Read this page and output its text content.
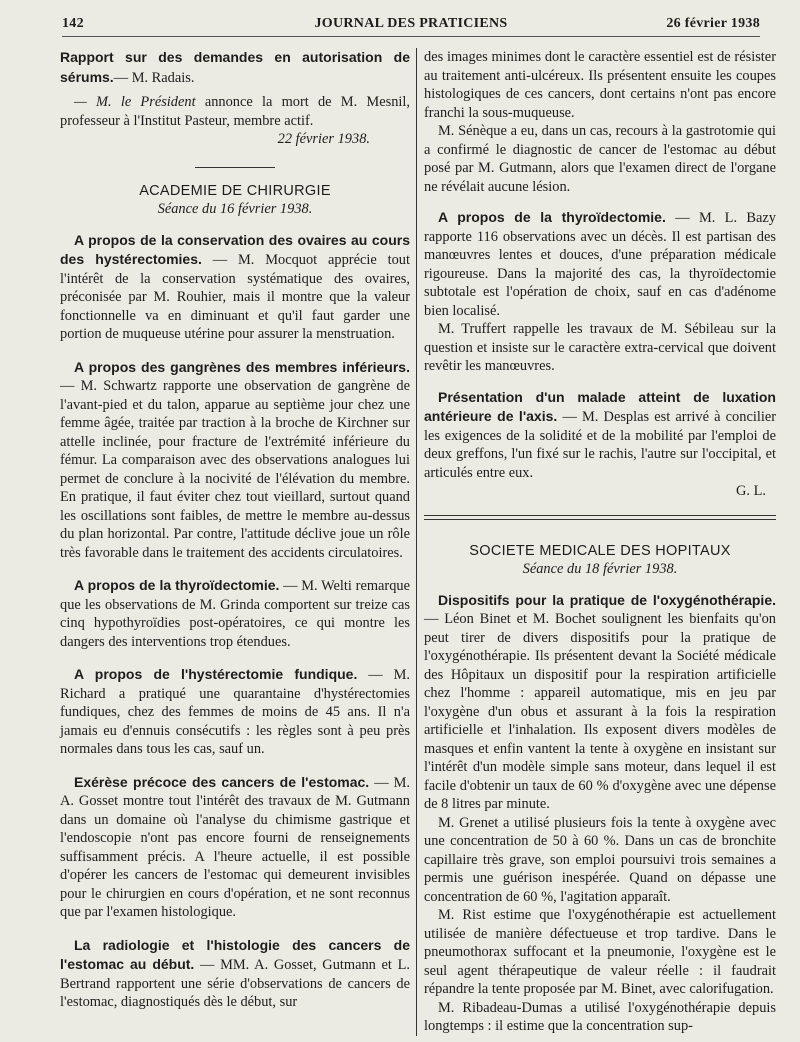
142	JOURNAL DES PRATICIENS	26 février 1938

Rapport sur des demandes en autorisation de sérums.— M. Radais.

— M. le Président annonce la mort de M. Mesnil, professeur à l'Institut Pasteur, membre actif.

22 février 1938.

ACADEMIE DE CHIRURGIE

Séance du 16 février 1938.

A propos de la conservation des ovaires au cours des hystérectomies. — M. Mocquot apprécie tout l'intérêt de la conservation systématique des ovaires, préconisée par M. Rouhier, mais il montre que la valeur fonctionnelle va en diminuant et qu'il faut garder une portion de muqueuse utérine pour assurer la menstruation.

A propos des gangrènes des membres inférieurs. — M. Schwartz rapporte une observation de gangrène de l'avant-pied et du talon, apparue au septième jour chez une femme âgée, traitée par traction à la broche de Kirchner sur attelle inclinée, pour fracture de l'extrémité inférieure du fémur. La comparaison avec des observations analogues lui permet de conclure à la nocivité de l'élévation du membre. En pratique, il faut éviter chez tout vieillard, surtout quand les oscillations sont faibles, de mettre le membre au-dessus du plan horizontal. Par contre, l'attitude déclive joue un rôle très favorable dans le traitement des accidents circulatoires.

A propos de la thyroïdectomie. — M. Welti remarque que les observations de M. Grinda comportent sur treize cas cinq hypothyroïdies post-opératoires, ce qui montre les dangers des interventions trop étendues.

A propos de l'hystérectomie fundique. — M. Richard a pratiqué une quarantaine d'hystérectomies fundiques, chez des femmes de moins de 45 ans. Il n'a jamais eu d'ennuis consécutifs : les règles sont à peu près normales dans tous les cas, sauf un.

Exérèse précoce des cancers de l'estomac. — M. A. Gosset montre tout l'intérêt des travaux de M. Gutmann dans un domaine où l'analyse du chimisme gastrique et l'endoscopie n'ont pas encore fourni de renseignements suffisamment précis. A l'heure actuelle, il est possible d'opérer les cancers de l'estomac qui demeurent invisibles pour le chirurgien en cours d'opération, et ne sont reconnus que par l'examen histologique.

La radiologie et l'histologie des cancers de l'estomac au début. — MM. A. Gosset, Gutmann et L. Bertrand rapportent une série d'observations de cancers de l'estomac, diagnostiqués dès le début, sur

des images minimes dont le caractère essentiel est de résister au traitement anti-ulcéreux. Ils présentent ensuite les coupes histologiques de ces cancers, dont certains n'ont pas encore franchi la sous-muqueuse.

M. Sénèque a eu, dans un cas, recours à la gastrotomie qui a confirmé le diagnostic de cancer de l'estomac au début posé par M. Gutmann, alors que l'examen direct de l'organe ne révélait aucune lésion.

A propos de la thyroïdectomie. — M. L. Bazy rapporte 116 observations avec un décès. Il est partisan des manœuvres lentes et douces, d'une préparation médicale rigoureuse. Dans la majorité des cas, la thyroïdectomie subtotale est l'opération de choix, sauf en cas d'adénome bien localisé.

M. Truffert rappelle les travaux de M. Sébileau sur la question et insiste sur le caractère extra-cervical que doivent revêtir les manœuvres.

Présentation d'un malade atteint de luxation antérieure de l'axis. — M. Desplas est arrivé à concilier les exigences de la solidité et de la mobilité par l'emploi de deux greffons, l'un fixé sur le rachis, l'autre sur l'occipital, et articulés entre eux.

G. L.

SOCIETE MEDICALE DES HOPITAUX

Séance du 18 février 1938.

Dispositifs pour la pratique de l'oxygénothérapie. — Léon Binet et M. Bochet soulignent les bienfaits qu'on peut tirer de divers dispositifs pour la pratique de l'oxygénothérapie. Ils présentent devant la Société médicale des Hôpitaux un dispositif pour la respiration artificielle chez l'homme : appareil automatique, mis en jeu par l'oxygène d'un obus et assurant à la fois la respiration artificielle et l'inhalation. Ils exposent divers modèles de masques et enfin vantent la tente à oxygène en insistant sur l'intérêt d'un modèle simple sans moteur, dans lequel il est facile d'obtenir un taux de 60 % d'oxygène avec une dépense de 8 litres par minute.

M. Grenet a utilisé plusieurs fois la tente à oxygène avec une concentration de 50 à 60 %. Dans un cas de bronchite capillaire très grave, son emploi poursuivi trois semaines a permis une guérison inespérée. Quand on dépasse une concentration de 60 %, l'agitation apparaît.

M. Rist estime que l'oxygénothérapie est actuellement utilisée de manière défectueuse et trop tardive. Dans le pneumothorax suffocant et la pneumonie, l'oxygène est le seul agent thérapeutique de valeur réelle : il faudrait répandre la tente proposée par M. Binet, avec calorifugation.

M. Ribadeau-Dumas a utilisé l'oxygénothérapie depuis longtemps : il estime que la concentration sup-
